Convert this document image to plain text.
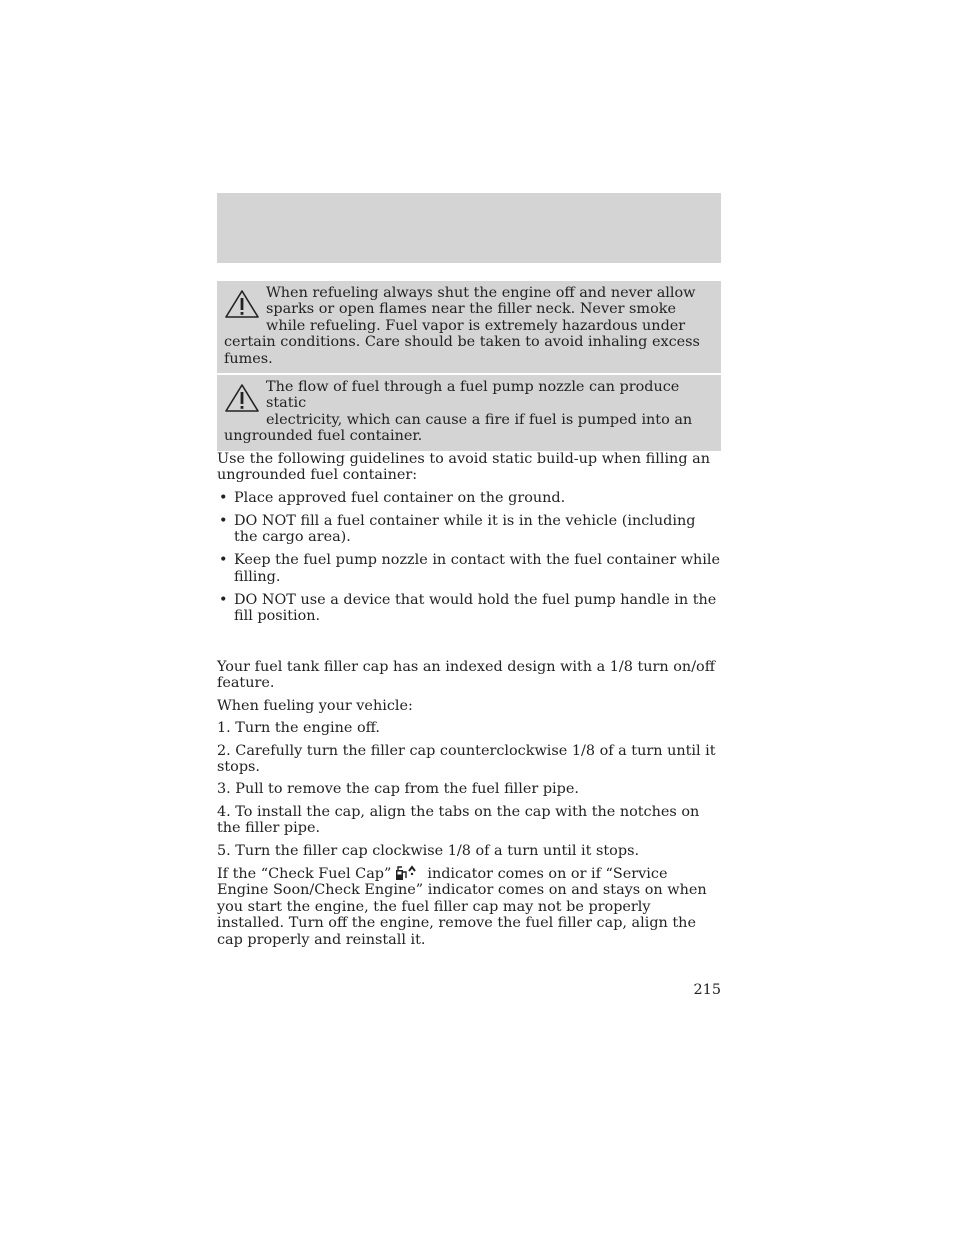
When refueling always shut the engine off and never allow
sparks or open flames near the filler neck. Never smoke while refueling. Fuel vapor is extremely hazardous under certain conditions. Care should be taken to avoid inhaling excess fumes.

The flow of fuel through a fuel pump nozzle can produce static
electricity, which can cause a fire if fuel is pumped into an ungrounded fuel container.

Use the following guidelines to avoid static build-up when filling an ungrounded fuel container:

• Place approved fuel container on the ground.
• DO NOT fill a fuel container while it is in the vehicle (including the cargo area).
• Keep the fuel pump nozzle in contact with the fuel container while filling.
• DO NOT use a device that would hold the fuel pump handle in the fill position.

Your fuel tank filler cap has an indexed design with a 1/8 turn on/off feature.

When fueling your vehicle:

1. Turn the engine off.
2. Carefully turn the filler cap counterclockwise 1/8 of a turn until it stops.
3. Pull to remove the cap from the fuel filler pipe.
4. To install the cap, align the tabs on the cap with the notches on the filler pipe.
5. Turn the filler cap clockwise 1/8 of a turn until it stops.

If the “Check Fuel Cap”	indicator comes on or if “Service Engine Soon/Check Engine” indicator comes on and stays on when you start the engine, the fuel filler cap may not be properly installed. Turn off the engine, remove the fuel filler cap, align the cap properly and reinstall it.

215
